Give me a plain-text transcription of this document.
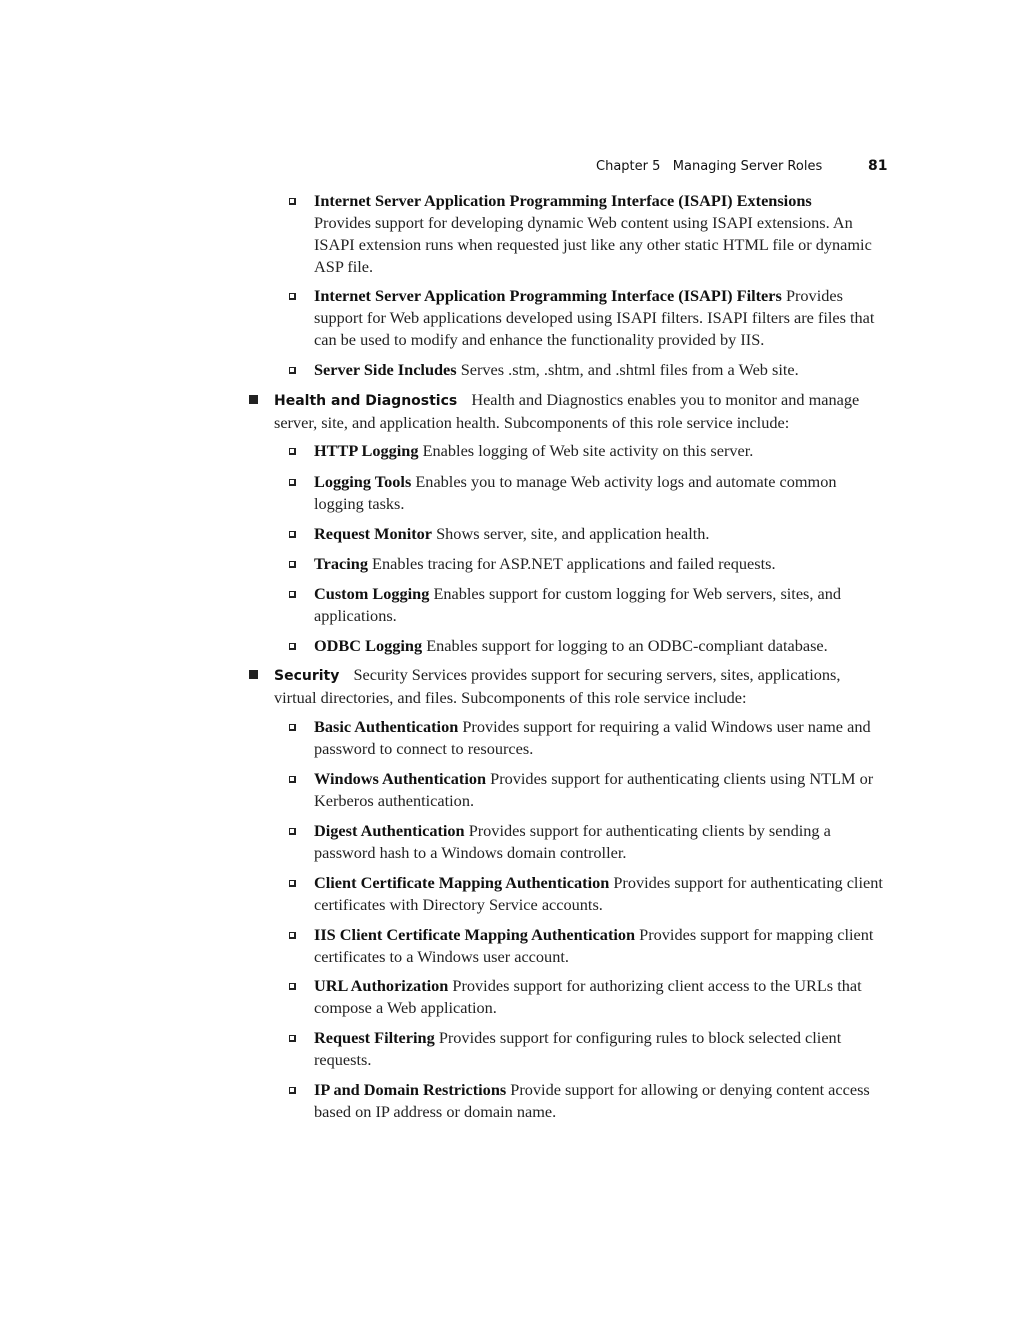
Chapter 5 Managing Server Roles	81
Internet Server Application Programming Interface (ISAPI) Extensions
Provides support for developing dynamic Web content using ISAPI extensions. An ISAPI extension runs when requested just like any other static HTML file or dynamic ASP file.
Internet Server Application Programming Interface (ISAPI) Filters Provides support for Web applications developed using ISAPI filters. ISAPI filters are files that can be used to modify and enhance the functionality provided by IIS.
Server Side Includes Serves .stm, .shtm, and .shtml files from a Web site.
Health and Diagnostics Health and Diagnostics enables you to monitor and manage server, site, and application health. Subcomponents of this role service include:
HTTP Logging Enables logging of Web site activity on this server.
Logging Tools Enables you to manage Web activity logs and automate common logging tasks.
Request Monitor Shows server, site, and application health.
Tracing Enables tracing for ASP.NET applications and failed requests.
Custom Logging Enables support for custom logging for Web servers, sites, and applications.
ODBC Logging Enables support for logging to an ODBC-compliant database.
Security Security Services provides support for securing servers, sites, applications, virtual directories, and files. Subcomponents of this role service include:
Basic Authentication Provides support for requiring a valid Windows user name and password to connect to resources.
Windows Authentication Provides support for authenticating clients using NTLM or Kerberos authentication.
Digest Authentication Provides support for authenticating clients by sending a password hash to a Windows domain controller.
Client Certificate Mapping Authentication Provides support for authenticating client certificates with Directory Service accounts.
IIS Client Certificate Mapping Authentication Provides support for mapping client certificates to a Windows user account.
URL Authorization Provides support for authorizing client access to the URLs that compose a Web application.
Request Filtering Provides support for configuring rules to block selected client requests.
IP and Domain Restrictions Provide support for allowing or denying content access based on IP address or domain name.
